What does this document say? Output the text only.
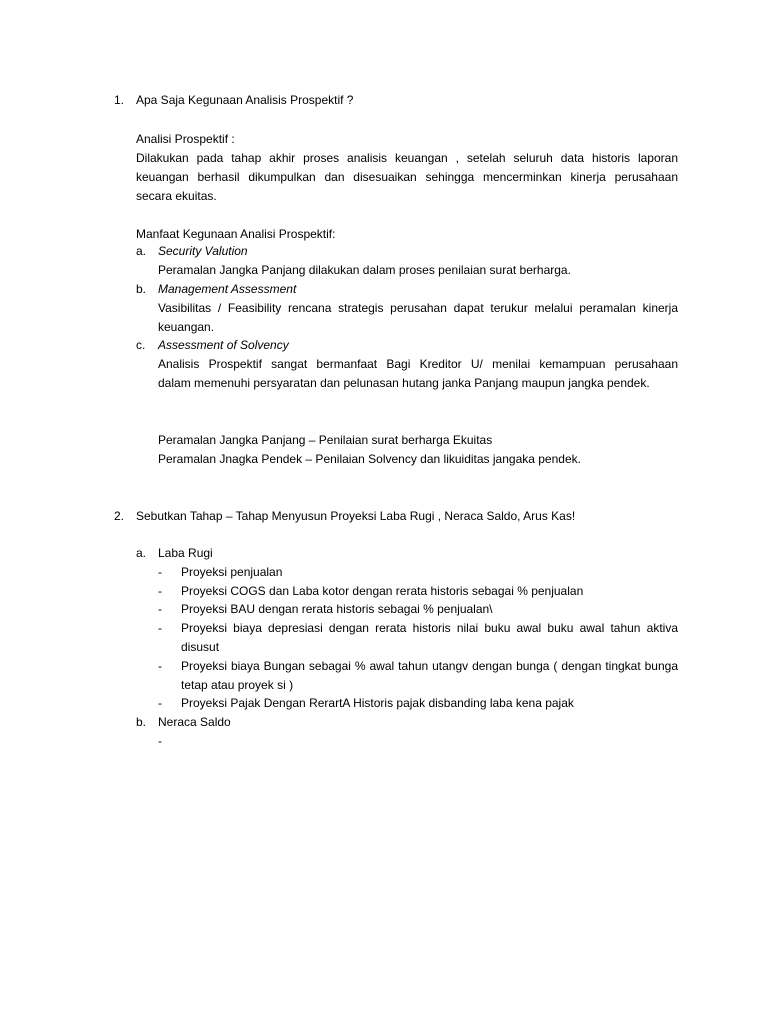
1. Apa Saja Kegunaan Analisis Prospektif ?
Analisi Prospektif :
Dilakukan pada tahap akhir proses analisis keuangan , setelah seluruh data historis laporan
keuangan berhasil dikumpulkan dan disesuaikan sehingga mencerminkan kinerja perusahaan
secara ekuitas.
Manfaat Kegunaan Analisi Prospektif:
a. Security Valution
Peramalan Jangka Panjang dilakukan dalam proses penilaian surat berharga.
b. Management Assessment
Vasibilitas / Feasibility rencana strategis perusahan dapat terukur melalui peramalan kinerja
keuangan.
c. Assessment of Solvency
Analisis Prospektif sangat bermanfaat Bagi Kreditor U/ menilai kemampuan perusahaan
dalam memenuhi persyaratan dan pelunasan hutang janka Panjang maupun jangka pendek.
Peramalan Jangka Panjang – Penilaian surat berharga Ekuitas
Peramalan Jnagka Pendek – Penilaian Solvency dan likuiditas jangaka pendek.
2. Sebutkan Tahap – Tahap Menyusun Proyeksi Laba Rugi , Neraca Saldo, Arus Kas!
a. Laba Rugi
- Proyeksi penjualan
- Proyeksi COGS dan Laba kotor dengan rerata historis sebagai % penjualan
- Proyeksi BAU dengan rerata historis sebagai % penjualan\
- Proyeksi biaya depresiasi dengan rerata historis nilai buku awal buku awal tahun aktiva
disusut
- Proyeksi biaya Bungan sebagai % awal tahun utangv dengan bunga ( dengan tingkat bunga
tetap atau proyek si )
- Proyeksi Pajak Dengan RerartA Historis pajak disbanding laba kena pajak
b. Neraca Saldo
-
